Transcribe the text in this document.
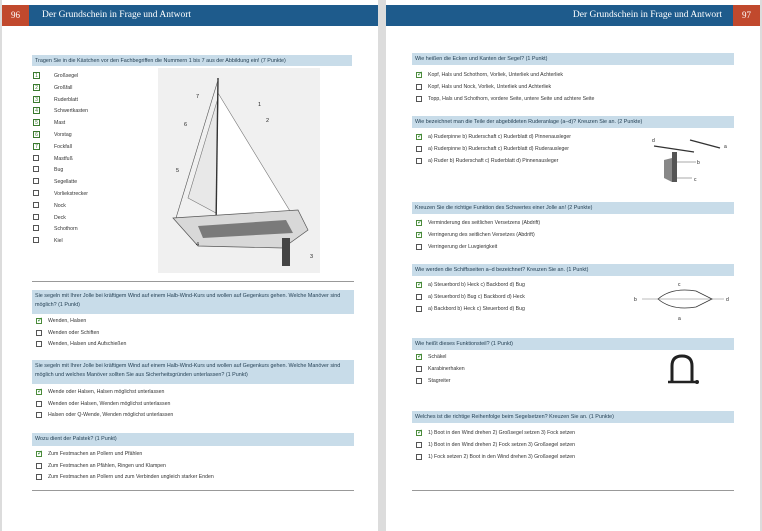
96	Der Grundschein in Frage und Antwort
Tragen Sie in die Kästchen vor den Fachbegriffen die Nummern 1 bis 7 aus der Abbildung ein! (7 Punkte)
1	Großsegel
2	Großfall
3	Ruderblatt
4	Schwertkasten
5	Mast
6	Vorstag
7	Fockfall
Mastfuß
Bug
Segellatte
Vorliekstrecker
Nock
Deck
Schothorn
Kiel
1
2
3
4
5
6
7
Sie segeln mit Ihrer Jolle bei kräftigem Wind auf einem Halb-Wind-Kurs und wollen auf Gegenkurs gehen. Welche Manöver sind möglich? (1 Punkt)
✓
Wenden, Halsen
Wenden oder Schiften
Wenden, Halsen und Aufschießen
Sie segeln mit Ihrer Jolle bei kräftigem Wind auf einem Halb-Wind-Kurs und wollen auf Gegenkurs gehen. Welche Manöver sind möglich und welches Manöver sollten Sie aus Sicherheitsgründen unterlassen? (1 Punkt)
✓
Wende oder Halsen, Halsen möglichst unterlassen
Wenden oder Halsen, Wenden möglichst unterlassen
Halsen oder Q-Wende, Wenden möglichst unterlassen
Wozu dient der Palstek? (1 Punkt)
✓
Zum Festmachen an Pollern und Pfählen
Zum Festmachen an Pfählen, Ringen und Klampen
Zum Festmachen an Pollern und zum Verbinden ungleich starker Enden
Der Grundschein in Frage und Antwort	97
Wie heißen die Ecken und Kanten der Segel? (1 Punkt)
✓
Kopf, Hals und Schothorn, Vorliek, Unterliek und Achterliek
Kopf, Hals und Nock, Vorliek, Unterliek und Achterliek
Topp, Hals und Schothorn, vordere Seite, untere Seite und achtere Seite
Wie bezeichnet man die Teile der abgebildeten Ruderanlage (a–d)? Kreuzen Sie an. (2 Punkte)
✓
a) Ruderpinne b) Ruderschaft c) Ruderblatt d) Pinnenausleger
a) Ruderpinne b) Ruderschaft c) Ruderblatt d) Ruderausleger
a) Ruder b) Ruderschaft c) Ruderblatt d) Pinnenausleger
d
a
b
c
Kreuzen Sie die richtige Funktion des Schwertes einer Jolle an! (2 Punkte)
✓
Verminderung des seitlichen Versetzens (Abdrift)
✓
Verringerung des seitlichen Versetzes (Abdrift)
Verringerung der Luvgierigkeit
Wie werden die Schiffsseiten a–d bezeichnet? Kreuzen Sie an. (1 Punkt)
✓
a) Steuerbord b) Heck c) Backbord d) Bug
a) Steuerbord b) Bug c) Backbord d) Heck
a) Backbord b) Heck c) Steuerbord d) Bug
c
b	d
a
Wie heißt dieses Funktionsteil? (1 Punkt)
✓
Schäkel
Karabinerhaken
Stagreiter
Welches ist die richtige Reihenfolge beim Segelsetzen? Kreuzen Sie an. (1 Punkte)
✓
1) Boot in den Wind drehen 2) Großsegel setzen 3) Fock setzen
1) Boot in den Wind drehen 2) Fock setzen 3) Großsegel setzen
1) Fock setzen 2) Boot in den Wind drehen 3) Großsegel setzen
